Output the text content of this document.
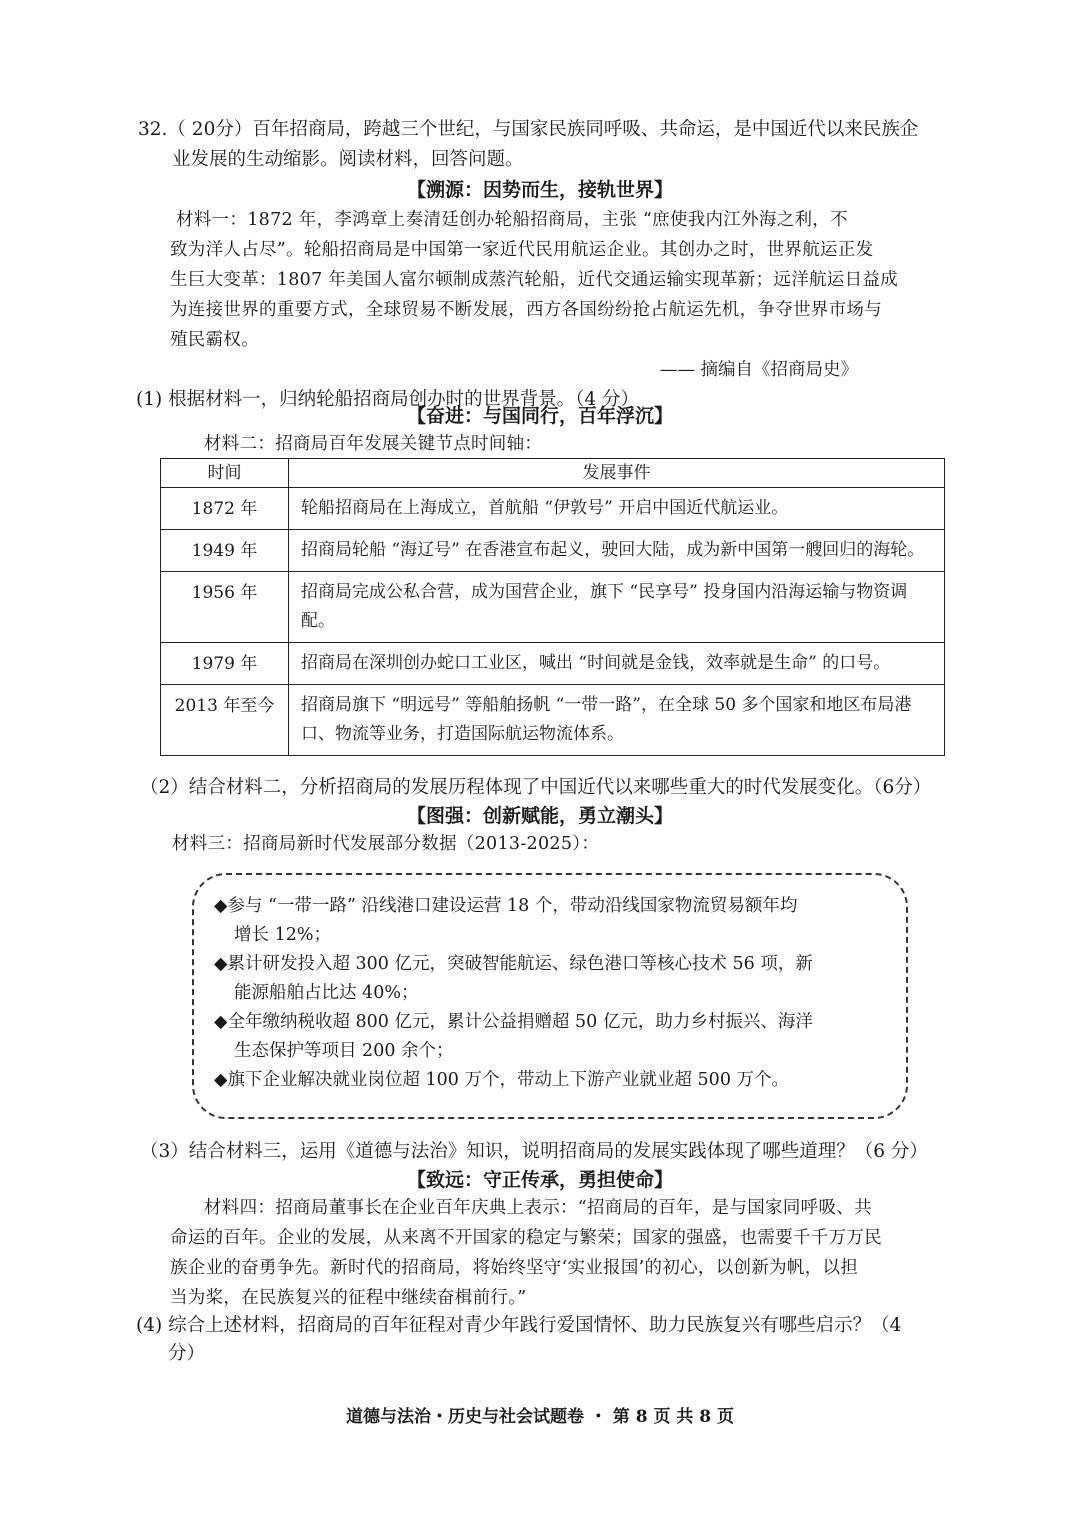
32.（ 20分）百年招商局，跨越三个世纪，与国家民族同呼吸、共命运，是中国近代以来民族企
业发展的生动缩影。阅读材料，回答问题。
【溯源：因势而生，接轨世界】
材料一：1872 年，李鸿章上奏清廷创办轮船招商局，主张 “庶使我内江外海之利，不
致为洋人占尽”。轮船招商局是中国第一家近代民用航运企业。其创办之时，世界航运正发
生巨大变革：1807 年美国人富尔顿制成蒸汽轮船，近代交通运输实现革新；远洋航运日益成
为连接世界的重要方式，全球贸易不断发展，西方各国纷纷抢占航运先机，争夺世界市场与
殖民霸权。
—— 摘编自《招商局史》
(1) 根据材料一，归纳轮船招商局创办时的世界背景。（4 分）
【奋进：与国同行，百年浮沉】
材料二：招商局百年发展关键节点时间轴：
时间	发展事件
1872 年	轮船招商局在上海成立，首航船 “伊敦号” 开启中国近代航运业。
1949 年	招商局轮船 “海辽号” 在香港宣布起义，驶回大陆，成为新中国第一艘回归的海轮。
1956 年	招商局完成公私合营，成为国营企业，旗下 “民享号” 投身国内沿海运输与物资调配。
1979 年	招商局在深圳创办蛇口工业区，喊出 “时间就是金钱，效率就是生命” 的口号。
2013 年至今	招商局旗下 “明远号” 等船舶扬帆 “一带一路”，在全球 50 多个国家和地区布局港口、物流等业务，打造国际航运物流体系。
（2）结合材料二，分析招商局的发展历程体现了中国近代以来哪些重大的时代发展变化。（6分）
【图强：创新赋能，勇立潮头】
材料三：招商局新时代发展部分数据（2013-2025）：
◆参与 “一带一路” 沿线港口建设运营 18 个，带动沿线国家物流贸易额年均
增长 12%；
◆累计研发投入超 300 亿元，突破智能航运、绿色港口等核心技术 56 项，新
能源船舶占比达 40%；
◆全年缴纳税收超 800 亿元，累计公益捐赠超 50 亿元，助力乡村振兴、海洋
生态保护等项目 200 余个；
◆旗下企业解决就业岗位超 100 万个，带动上下游产业就业超 500 万个。
（3）结合材料三，运用《道德与法治》知识，说明招商局的发展实践体现了哪些道理？（6 分）
【致远：守正传承，勇担使命】
材料四：招商局董事长在企业百年庆典上表示：“招商局的百年，是与国家同呼吸、共
命运的百年。企业的发展，从来离不开国家的稳定与繁荣；国家的强盛，也需要千千万万民
族企业的奋勇争先。新时代的招商局，将始终坚守‘实业报国’的初心，以创新为帆，以担
当为桨，在民族复兴的征程中继续奋楫前行。”
(4) 综合上述材料，招商局的百年征程对青少年践行爱国情怀、助力民族复兴有哪些启示？（4
分）
道德与法治・历史与社会试题卷 ・ 第 8 页 共 8 页
